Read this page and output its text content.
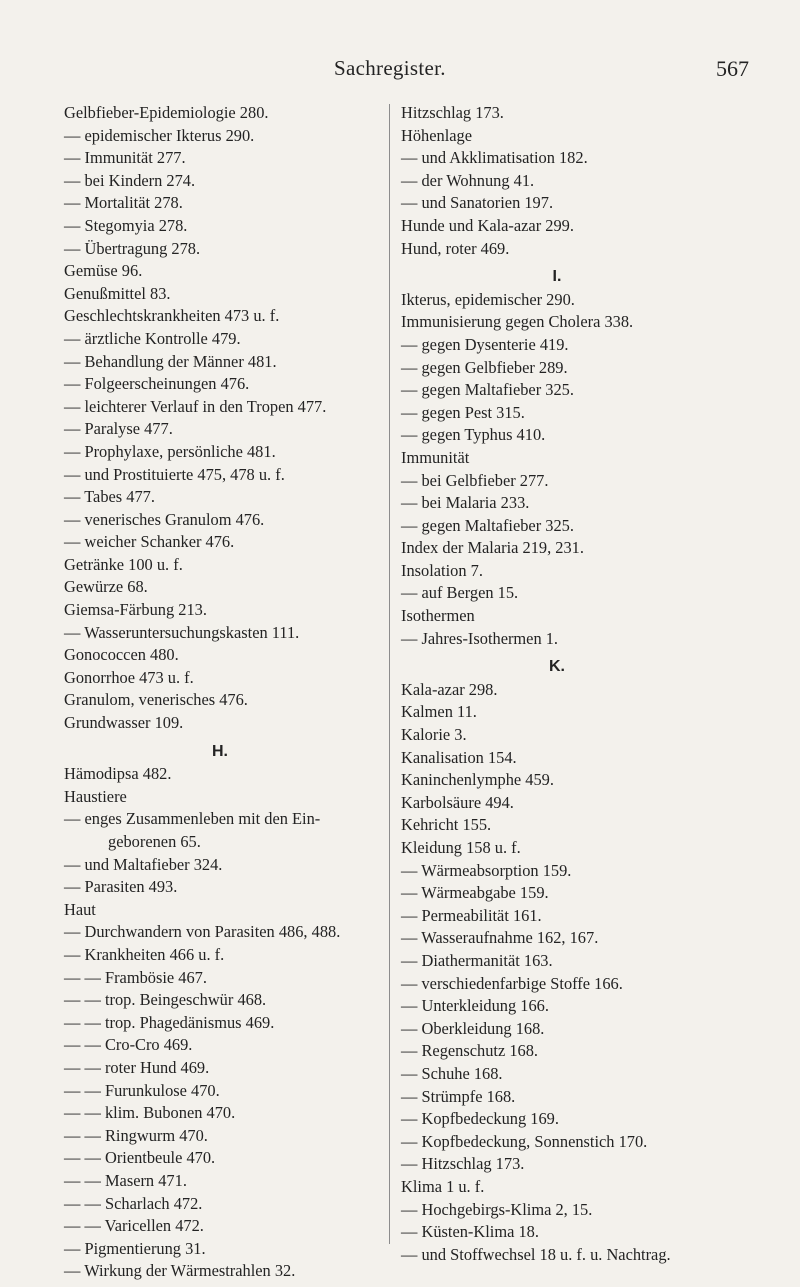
Sachregister.	567
Gelbfieber-Epidemiologie 280.
— epidemischer Ikterus 290.
— Immunität 277.
— bei Kindern 274.
— Mortalität 278.
— Stegomyia 278.
— Übertragung 278.
Gemüse 96.
Genußmittel 83.
Geschlechtskrankheiten 473 u. f.
— ärztliche Kontrolle 479.
— Behandlung der Männer 481.
— Folgeerscheinungen 476.
— leichterer Verlauf in den Tropen 477.
— Paralyse 477.
— Prophylaxe, persönliche 481.
— und Prostituierte 475, 478 u. f.
— Tabes 477.
— venerisches Granulom 476.
— weicher Schanker 476.
Getränke 100 u. f.
Gewürze 68.
Giemsa-Färbung 213.
— Wasseruntersuchungskasten 111.
Gonococcen 480.
Gonorrhoe 473 u. f.
Granulom, venerisches 476.
Grundwasser 109.
H.
Hämodipsa 482.
Haustiere
— enges Zusammenleben mit den Ein- geborenen 65.
— und Maltafieber 324.
— Parasiten 493.
Haut
— Durchwandern von Parasiten 486, 488.
— Krankheiten 466 u. f.
— — Frambösie 467.
— — trop. Beingeschwür 468.
— — trop. Phagedänismus 469.
— — Cro-Cro 469.
— — roter Hund 469.
— — Furunkulose 470.
— — klim. Bubonen 470.
— — Ringwurm 470.
— — Orientbeule 470.
— — Masern 471.
— — Scharlach 472.
— — Varicellen 472.
— Pigmentierung 31.
— Wirkung der Wärmestrahlen 32.
Hitzschlag 173.
Höhenlage
— und Akklimatisation 182.
— der Wohnung 41.
— und Sanatorien 197.
Hunde und Kala-azar 299.
Hund, roter 469.
I.
Ikterus, epidemischer 290.
Immunisierung gegen Cholera 338.
— gegen Dysenterie 419.
— gegen Gelbfieber 289.
— gegen Maltafieber 325.
— gegen Pest 315.
— gegen Typhus 410.
Immunität
— bei Gelbfieber 277.
— bei Malaria 233.
— gegen Maltafieber 325.
Index der Malaria 219, 231.
Insolation 7.
— auf Bergen 15.
Isothermen
— Jahres-Isothermen 1.
K.
Kala-azar 298.
Kalmen 11.
Kalorie 3.
Kanalisation 154.
Kaninchenlymphe 459.
Karbolsäure 494.
Kehricht 155.
Kleidung 158 u. f.
— Wärmeabsorption 159.
— Wärmeabgabe 159.
— Permeabilität 161.
— Wasseraufnahme 162, 167.
— Diathermanität 163.
— verschiedenfarbige Stoffe 166.
— Unterkleidung 166.
— Oberkleidung 168.
— Regenschutz 168.
— Schuhe 168.
— Strümpfe 168.
— Kopfbedeckung 169.
— Kopfbedeckung, Sonnenstich 170.
— Hitzschlag 173.
Klima 1 u. f.
— Hochgebirgs-Klima 2, 15.
— Küsten-Klima 18.
— und Stoffwechsel 18 u. f. u. Nachtrag.
